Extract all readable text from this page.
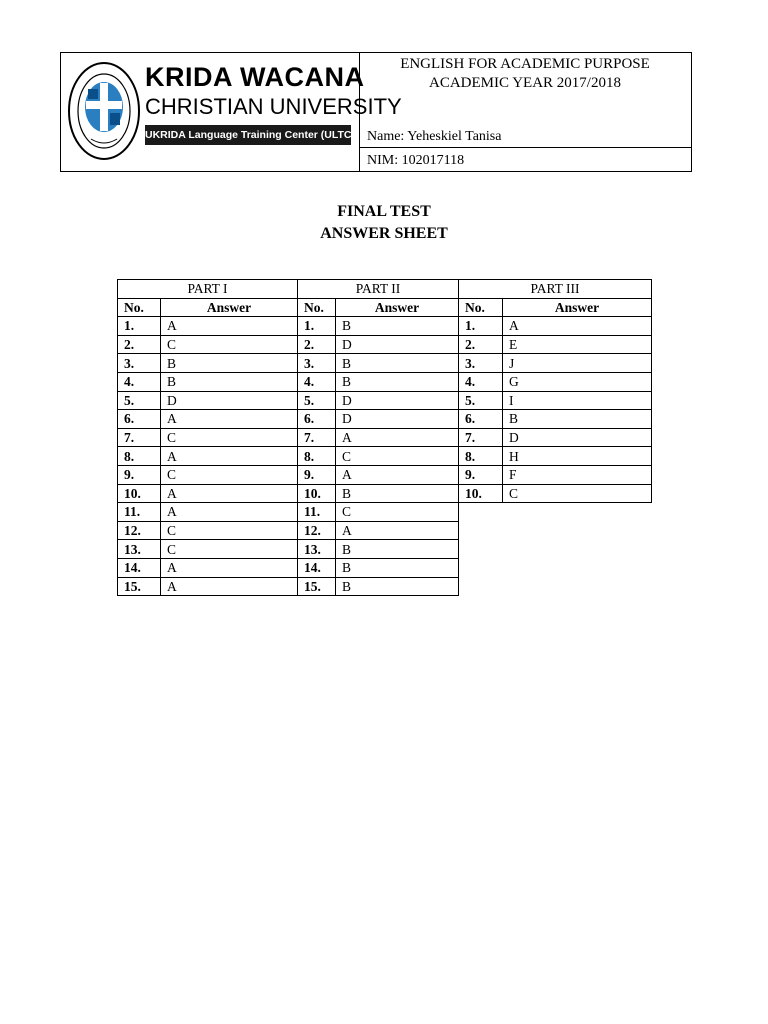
KRIDA WACANA
CHRISTIAN UNIVERSITY
UKRIDA Language Training Center (ULTC)
ENGLISH FOR ACADEMIC PURPOSE
ACADEMIC YEAR 2017/2018
Name: Yeheskiel Tanisa
NIM: 102017118
FINAL TEST
ANSWER SHEET
PART I	
No.	Answer
1.	A
2.	C
3.	B
4.	B
5.	D
6.	A
7.	C
8.	A
9.	C
10.	A
11.	A
12.	C
13.	C
14.	A
15.	A
PART II	
No.	Answer
1.	B
2.	D
3.	B
4.	B
5.	D
6.	D
7.	A
8.	C
9.	A
10.	B
11.	C
12.	A
13.	B
14.	B
15.	B
PART III	
No.	Answer
1.	A
2.	E
3.	J
4.	G
5.	I
6.	B
7.	D
8.	H
9.	F
10.	C
